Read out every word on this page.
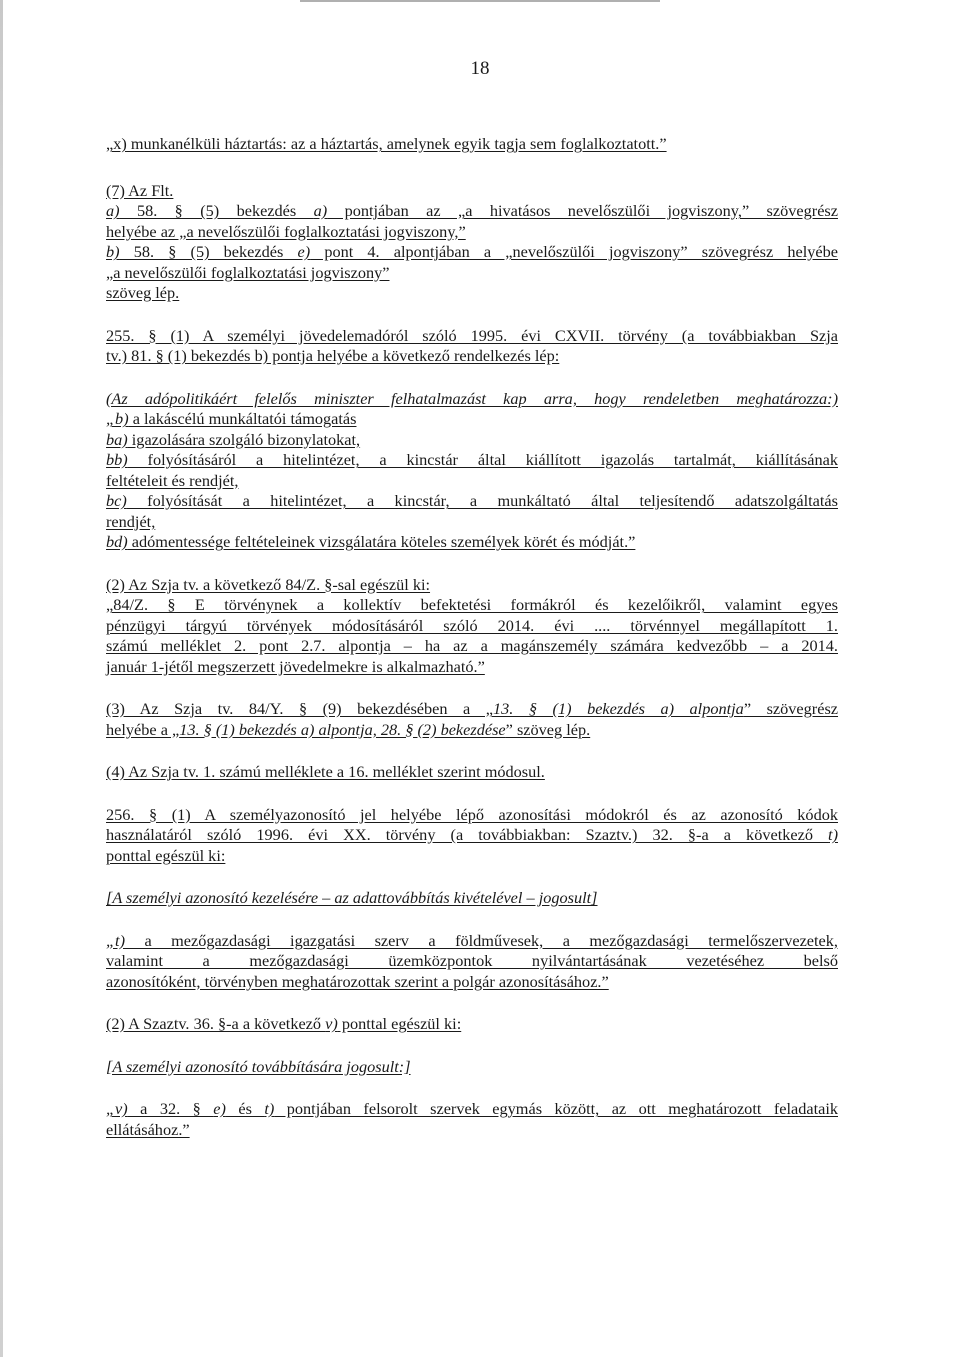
18

„x) munkanélküli háztartás: az a háztartás, amelynek egyik tagja sem foglalkoztatott.”

(7) Az Flt.

a) 58. § (5) bekezdés a) pontjában az „a hivatásos nevelőszülői jogviszony,” szövegrész

helyébe az „a nevelőszülői foglalkoztatási jogviszony,”

b) 58. § (5) bekezdés e) pont 4. alpontjában a „nevelőszülői jogviszony” szövegrész helyébe

„a nevelőszülői foglalkoztatási jogviszony”

szöveg lép.

255. § (1) A személyi jövedelemadóról szóló 1995. évi CXVII. törvény (a továbbiakban Szja

tv.) 81. § (1) bekezdés b) pontja helyébe a következő rendelkezés lép:

(Az adópolitikáért felelős miniszter felhatalmazást kap arra, hogy rendeletben meghatározza:)

„b) a lakáscélú munkáltatói támogatás

ba) igazolására szolgáló bizonylatokat,

bb) folyósításáról a hitelintézet, a kincstár által kiállított igazolás tartalmát, kiállításának

feltételeit és rendjét,

bc) folyósítását a hitelintézet, a kincstár, a munkáltató által teljesítendő adatszolgáltatás

rendjét,

bd) adómentessége feltételeinek vizsgálatára köteles személyek körét és módját.”

(2) Az Szja tv. a következő 84/Z. §-sal egészül ki:

„84/Z. § E törvénynek a kollektív befektetési formákról és kezelőikről, valamint egyes

pénzügyi tárgyú törvények módosításáról szóló 2014. évi .... törvénnyel megállapított 1.

számú melléklet 2. pont 2.7. alpontja – ha az a magánszemély számára kedvezőbb – a 2014.

január 1-jétől megszerzett jövedelmekre is alkalmazható.”

(3) Az Szja tv. 84/Y. § (9) bekezdésében a „13. § (1) bekezdés a) alpontja” szövegrész

helyébe a „13. § (1) bekezdés a) alpontja, 28. § (2) bekezdése” szöveg lép.

(4) Az Szja tv. 1. számú melléklete a 16. melléklet szerint módosul.

256. § (1) A személyazonosító jel helyébe lépő azonosítási módokról és az azonosító kódok

használatáról szóló 1996. évi XX. törvény (a továbbiakban: Szaztv.) 32. §-a a következő t)

ponttal egészül ki:

[A személyi azonosító kezelésére – az adattovábbítás kivételével – jogosult]

„t) a mezőgazdasági igazgatási szerv a földművesek, a mezőgazdasági termelőszervezetek,

valamint a mezőgazdasági üzemközpontok nyilvántartásának vezetéséhez belső

azonosítóként, törvényben meghatározottak szerint a polgár azonosításához.”

(2) A Szaztv. 36. §-a a következő v) ponttal egészül ki:

[A személyi azonosító továbbítására jogosult:]

„v) a 32. § e) és t) pontjában felsorolt szervek egymás között, az ott meghatározott feladataik

ellátásához.”
